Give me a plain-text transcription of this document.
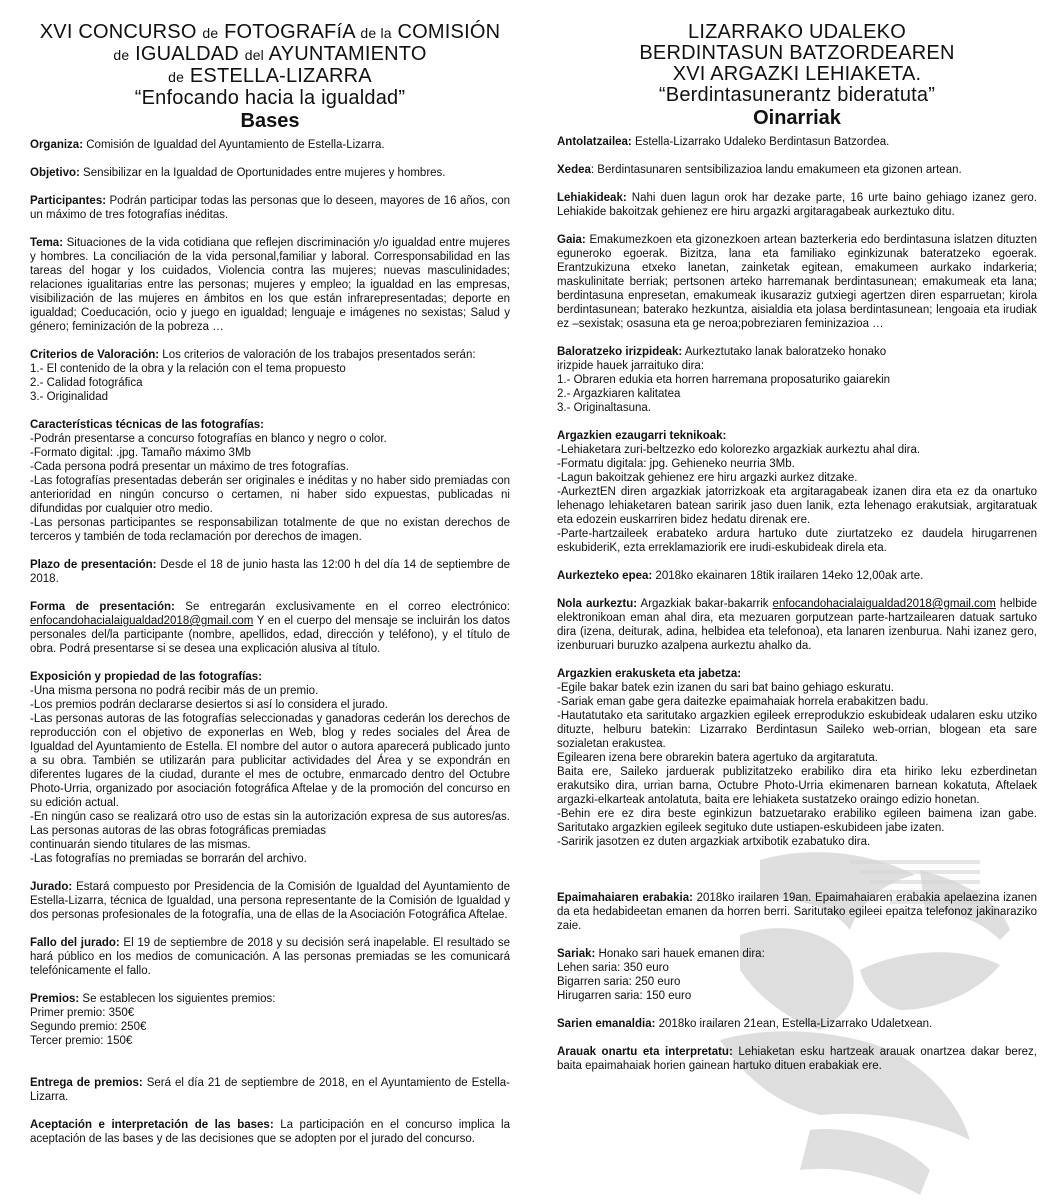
XVI CONCURSO de FOTOGRAFíA de la COMISIÓN
de IGUALDAD del AYUNTAMIENTO
de ESTELLA-LIZARRA
“Enfocando hacia la igualdad”
Bases

Organiza: Comisión de Igualdad del Ayuntamiento de Estella-Lizarra.

Objetivo: Sensibilizar en la Igualdad de Oportunidades entre mujeres y hombres.

Participantes: Podrán participar todas las personas que lo deseen, mayores de 16 años, con un máximo de tres fotografías inéditas.

Tema: Situaciones de la vida cotidiana que reflejen discriminación y/o igualdad entre mujeres y hombres. La conciliación de la vida personal,familiar y laboral. Corresponsabilidad en las tareas del hogar y los cuidados, Violencia contra las mujeres; nuevas masculinidades; relaciones igualitarias entre las personas; mujeres y empleo; la igualdad en las empresas, visibilización de las mujeres en ámbitos en los que están infrarepresentadas; deporte en igualdad; Coeducación, ocio y juego en igualdad; lenguaje e imágenes no sexistas; Salud y género; feminización de la pobreza …

Criterios de Valoración: Los criterios de valoración de los trabajos presentados serán:
1.- El contenido de la obra y la relación con el tema propuesto
2.- Calidad fotográfica
3.- Originalidad

Características técnicas de las fotografías:
-Podrán presentarse a concurso fotografías en blanco y negro o color.
-Formato digital: .jpg. Tamaño máximo 3Mb
-Cada persona podrá presentar un máximo de tres fotografías.
-Las fotografías presentadas deberán ser originales e inéditas y no haber sido premiadas con anterioridad en ningún concurso o certamen, ni haber sido expuestas, publicadas ni difundidas por cualquier otro medio.
-Las personas participantes se responsabilizan totalmente de que no existan derechos de terceros y también de toda reclamación por derechos de imagen.

Plazo de presentación: Desde el 18 de junio hasta las 12:00 h del día 14 de septiembre de 2018.

Forma de presentación: Se entregarán exclusivamente en el correo electrónico: enfocandohacialaigualdad2018@gmail.com Y en el cuerpo del mensaje se incluirán los datos personales del/la participante (nombre, apellidos, edad, dirección y teléfono), y el título de obra. Podrá presentarse si se desea una explicación alusiva al título.

Exposición y propiedad de las fotografías:
-Una misma persona no podrá recibir más de un premio.
-Los premios podrán declararse desiertos si así lo considera el jurado.
-Las personas autoras de las fotografías seleccionadas y ganadoras cederán los derechos de reproducción con el objetivo de exponerlas en Web, blog y redes sociales del Área de Igualdad del Ayuntamiento de Estella. El nombre del autor o autora aparecerá publicado junto a su obra. También se utilizarán para publicitar actividades del Área y se expondrán en diferentes lugares de la ciudad, durante el mes de octubre, enmarcado dentro del Octubre Photo-Urria, organizado por asociación fotográfica Aftelae y de la promoción del concurso en su edición actual.
-En ningún caso se realizará otro uso de estas sin la autorización expresa de sus autores/as. Las personas autoras de las obras fotográficas premiadas
continuarán siendo titulares de las mismas.
-Las fotografías no premiadas se borrarán del archivo.

Jurado: Estará compuesto por Presidencia de la Comisión de Igualdad del Ayuntamiento de Estella-Lizarra, técnica de Igualdad, una persona representante de la Comisión de Igualdad y dos personas profesionales de la fotografía, una de ellas de la Asociación Fotográfica Aftelae.

Fallo del jurado: El 19 de septiembre de 2018 y su decisión será inapelable. El resultado se hará público en los medios de comunicación. A las personas premiadas se les comunicará telefónicamente el fallo.

Premios: Se establecen los siguientes premios:
Primer premio: 350€
Segundo premio: 250€
Tercer premio: 150€

Entrega de premios: Será el día 21 de septiembre de 2018, en el Ayuntamiento de Estella-Lizarra.

Aceptación e interpretación de las bases: La participación en el concurso implica la aceptación de las bases y de las decisiones que se adopten por el jurado del concurso.

LIZARRAKO UDALEKO
BERDINTASUN BATZORDEAREN
XVI ARGAZKI LEHIAKETA.
“Berdintasunerantz bideratuta”
Oinarriak

Antolatzailea: Estella-Lizarrako Udaleko Berdintasun Batzordea.

Xedea: Berdintasunaren sentsibilizazioa landu emakumeen eta gizonen artean.

Lehiakideak: Nahi duen lagun orok har dezake parte, 16 urte baino gehiago izanez gero. Lehiakide bakoitzak gehienez ere hiru argazki argitaragabeak aurkeztuko ditu.

Gaia: Emakumezkoen eta gizonezkoen artean bazterkeria edo berdintasuna islatzen dituzten eguneroko egoerak. Bizitza, lana eta familiako eginkizunak bateratzeko egoerak. Erantzukizuna etxeko lanetan, zainketak egitean, emakumeen aurkako indarkeria; maskulinitate berriak; pertsonen arteko harremanak berdintasunean; emakumeak eta lana; berdintasuna enpresetan, emakumeak ikusaraziz gutxiegi agertzen diren esparruetan; kirola berdintasunean; baterako hezkuntza, aisialdia eta jolasa berdintasunean; lengoaia eta irudiak ez –sexistak; osasuna eta ge neroa;pobreziaren feminizazioa …

Baloratzeko irizpideak: Aurkeztutako lanak baloratzeko honako
irizpide hauek jarraituko dira:
1.- Obraren edukia eta horren harremana proposaturiko gaiarekin
2.- Argazkiaren kalitatea
3.- Originaltasuna.

Argazkien ezaugarri teknikoak:
-Lehiaketara zuri-beltzezko edo kolorezko argazkiak aurkeztu ahal dira.
-Formatu digitala: jpg. Gehieneko neurria 3Mb.
-Lagun bakoitzak gehienez ere hiru argazki aurkez ditzake.
-AurkeztEN diren argazkiak jatorrizkoak eta argitaragabeak izanen dira eta ez da onartuko lehenago lehiaketaren batean saririk jaso duen lanik, ezta lehenago erakutsiak, argitaratuak eta edozein euskarriren bidez hedatu direnak ere.
-Parte-hartzaileek erabateko ardura hartuko dute ziurtatzeko ez daudela hirugarrenen eskubideriK, ezta erreklamaziorik ere irudi-eskubideak direla eta.

Aurkezteko epea: 2018ko ekainaren 18tik irailaren 14eko 12,00ak arte.

Nola aurkeztu: Argazkiak bakar-bakarrik enfocandohacialaigualdad2018@gmail.com helbide elektronikoan eman ahal dira, eta mezuaren gorputzean parte-hartzailearen datuak sartuko dira (izena, deiturak, adina, helbidea eta telefonoa), eta lanaren izenburua. Nahi izanez gero, izenburuari buruzko azalpena aurkeztu ahalko da.

Argazkien erakusketa eta jabetza:
-Egile bakar batek ezin izanen du sari bat baino gehiago eskuratu.
-Sariak eman gabe gera daitezke epaimahaiak horrela erabakitzen badu.
-Hautatutako eta saritutako argazkien egileek erreprodukzio eskubideak udalaren esku utziko dituzte, helburu batekin: Lizarrako Berdintasun Saileko web-orrian, blogean eta sare sozialetan erakustea.
Egilearen izena bere obrarekin batera agertuko da argitaratuta.
Baita ere, Saileko jarduerak publizitatzeko erabiliko dira eta hiriko leku ezberdinetan erakutsiko dira, urrian barna, Octubre Photo-Urria ekimenaren barnean kokatuta, Aftelaek argazki-elkarteak antolatuta, baita ere lehiaketa sustatzeko oraingo edizio honetan.
-Behin ere ez dira beste eginkizun batzuetarako erabiliko egileen baimena izan gabe. Saritutako argazkien egileek segituko dute ustiapen-eskubideen jabe izaten.
-Saririk jasotzen ez duten argazkiak artxibotik ezabatuko dira.

Epaimahaiaren erabakia: 2018ko irailaren 19an. Epaimahaiaren erabakia apelaezina izanen da eta hedabideetan emanen da horren berri. Saritutako egileei epaitza telefonoz jakinaraziko zaie.

Sariak: Honako sari hauek emanen dira:
Lehen saria: 350 euro
Bigarren saria: 250 euro
Hirugarren saria: 150 euro

Sarien emanaldia: 2018ko irailaren 21ean, Estella-Lizarrako Udaletxean.

Arauak onartu eta interpretatu: Lehiaketan esku hartzeak arauak onartzea dakar berez, baita epaimahaiak horien gainean hartuko dituen erabakiak ere.
